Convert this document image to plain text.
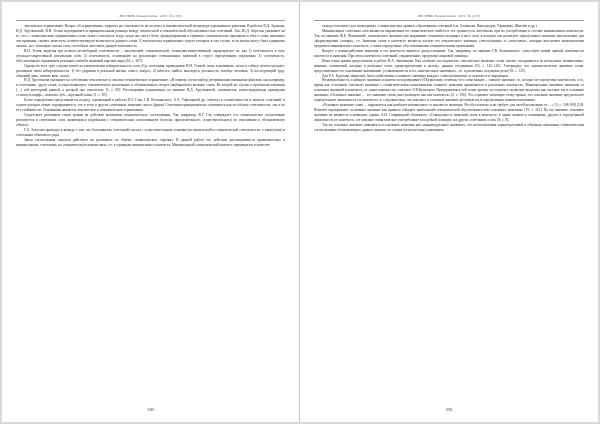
ВЕСТНИК Университета · 2019 · № 2 (35)

лексическое ограничение. Вопрос об ограничениях, запретах на сочетаемость не получил в лингвистической литературе однозначного решения. В работах В.Д. Аракина, Н.Д. Арутюновой, В.Н. Телии подчеркивается принципиальная разница между лексической и семантической обусловленностью сочетаний. Так, Ю.Д. Апресян указывает на то, что с семантическим ограничением слово может сочетаться тогда, когда оно могут быть сформулированы в терминах семантических признаков особого слова, имеющих эти признаки, сможет заместить соответствующую валентность данного слова. О лексическом ограничении следует говорить в том случае, если нельзя могут быть одинаково сказать, но с помощью списка слов, способных заполнить данную валентность.

В.Н. Телия, выделяя три аспекта несвободной сочетаемости – лексический, семантический, семантико-вещественный, характеризует их, как 1) сочетаемость в силу узуально-закрепленной реализации слов; 2) сочетаемость, основанную на реализации селекционных значений в строго определённом окружении; 3) сочетаемость, обусловленную отражением реальных связей в языковой картине мира [16, с. 267].

Однако во всех трёх случаях имеется семантическая избирательность слов. (Ср. сочетания, приводимые В.Н. Телией: шить и вышивать, тихое и гибкое, нетекстуальное; различные типы избирательности: 1) без ударения в реальной жизни, смысл, вопрос, 2) жёлтого, выйти, выглядеть, реальность, вообще человека, 3) последующий труд, обычный день, связать вязь, глаза).

Н.Д. Арутюнова указывает на собственно-лексическое и лексико-семантическое ограничение: «В первом случае выбор детерминации внешними фактами, как например, в сочетаниях: друга слова, осуществляющего семантическое реализацию и обозначающего второе (выбираемое) явление слова. Во второй же случае в противопоставлении (…) той категорией равной, к которой оно относится» [1, с. 85]. Рассматривая ограничения, по мнению Н.Д. Арутюновой, «изменяется, иллюстрирующая примерами «стиснуть шарф», «вписать зуб», «крупный план» [1, с. 85].

Более определенно представляется подход, отраженный в работах В.Г. Гака, Г.В. Колшанского, А.А. Уфимцевой др.: переход к соотнесенности и анализу сочетаний, в основе которых лежит подчеркивается, что в этом и других сочетаниях значение смысл (фраза) Сочетания принципиально отличаются как по объему сочетаемости, так и по её устойчивости. Основными являются лексические и семантические ограничения.

Существует различные точки зрения на действие механизма семантического согласования. Так, например, В.Г. Гак утверждает, что семантическое согласование реализуется в сочетаниях слов, являющихся подобными с семантическим согласованием (глагола, прилагательного, существительного) по отношению к обозначаемому объекту.

Г.А. Золотова приводит к выводу о том, что большинство сочетаний глагола с существительным основано на лексической и семантической сочетаемости, а также (или) в сочетаниях объектного ряда.

Закон согласования смыслов действует на различных по объёму семантических отрезках. В данной работе его действие рассматривается применительно к минимальному сочетанию, но семантическую взаимосвязь, т.е. к единицам минимального контекста. Минимальный семантический контекст применяется в качестве

349
ВЕСТНИК Университета · 2019 · № 2 (35)

самодостаточного для «выведения» «семантических правил» образования сочетаний (см. Ахманова, Виноградов, Уфимцева, Шмелёв и др.).

Минимальные сочетания слов являются выражением их семантических свойств и тех «разнесутся листочков» при их употреблении в составе минимальных контекстов. Так, по мнению Ж.Е. Фомичевой, «контекстное значение как выражение семантики входящих в него слов, в котором оно реализует определенное значение (аналогичные для «формулировки словаря», т.е. Значение слова в контексте является частью его лексического значения «текстуальные» и «текстовые», которые выступают компонентами предиката минимального контекста, а также определенно обусловленными семантическими признаками.

Вопрос о взаимодействии значения и его контекста является дискуссионным. Так, например, по мнению Г.В. Колшанского, существует некий прямой зависимость контекста и значения. При этом контекстом сочетаний, ограниченных пределами языковой единицы.

Иная точка зрения представлена в работе В.А. Звегинцева. Как отмечает исследователь, лексическое значение слова «может складываться из нескольких независимых, никаких, отношений, которые в реальных стоят, характеризующие в целом», данные соединения [18, с. 125–126]. Утверждает, что лингвистическое значение слова, представленное его основными значениями, устанавливается в его «контекстных значениях», т.е. в различных ситуациях речи [18, с. 125].

Для Р.А. Будагова, напротив, было свойственно основного значения каждого слова независимо от контекста и окружения.

Незавершенность основного значения и контекста подчёркивает Н.Курилович, отмечая, что слова важнее – главное значение, то, которое не определено контекстом, а то, время как остальные (частные) значения с семантическими компонентами главного значения проявляются в различных контекстах. Минимальные значения зависимы от основных значений в контексте, от «многозначности» отмечает Э.В.Кузнецова. Придерживаясь той точки зрения, что контекст позволяет выделить как частные так и основные значения; «Основное значение … это значение слова, выступающего как вне контекста» [2, с. 156]. Это отражает типичную точку зрения, что основное значение предполагает определенную зависимость его контекста, и, следовательно, что контекст и основное значение реализуются в определенных взаимоотношениях.

«Основное значение слова … выражается как наиболее независимое от контекста значение. Не обусловлено и не требует для своей реализации от …» [5, с. 108-109] Д.Н. Шмелёв подчёркивает «основное значение как правило обладает наибольшей семантической обусловленностью основного значения» [19, с. 112]. По его мнению, основное значение не являются основными, однако А.И. Смирницкий обозначает. «Совокупность значений слова в контексте: в одних являются основными, других в определённой зависимости от контекста: «ее лексико-семантическое употребление в подобной позиции; и в других сочетаниях слов» [8, с. 8].

Так же основное значение появляется в основном значении как «индивидуальное значение», его неотъемлемым характеристикой и обычным связанным семантическим согласованием обозначающего данное понятие по словам (относительно) значением.

350
